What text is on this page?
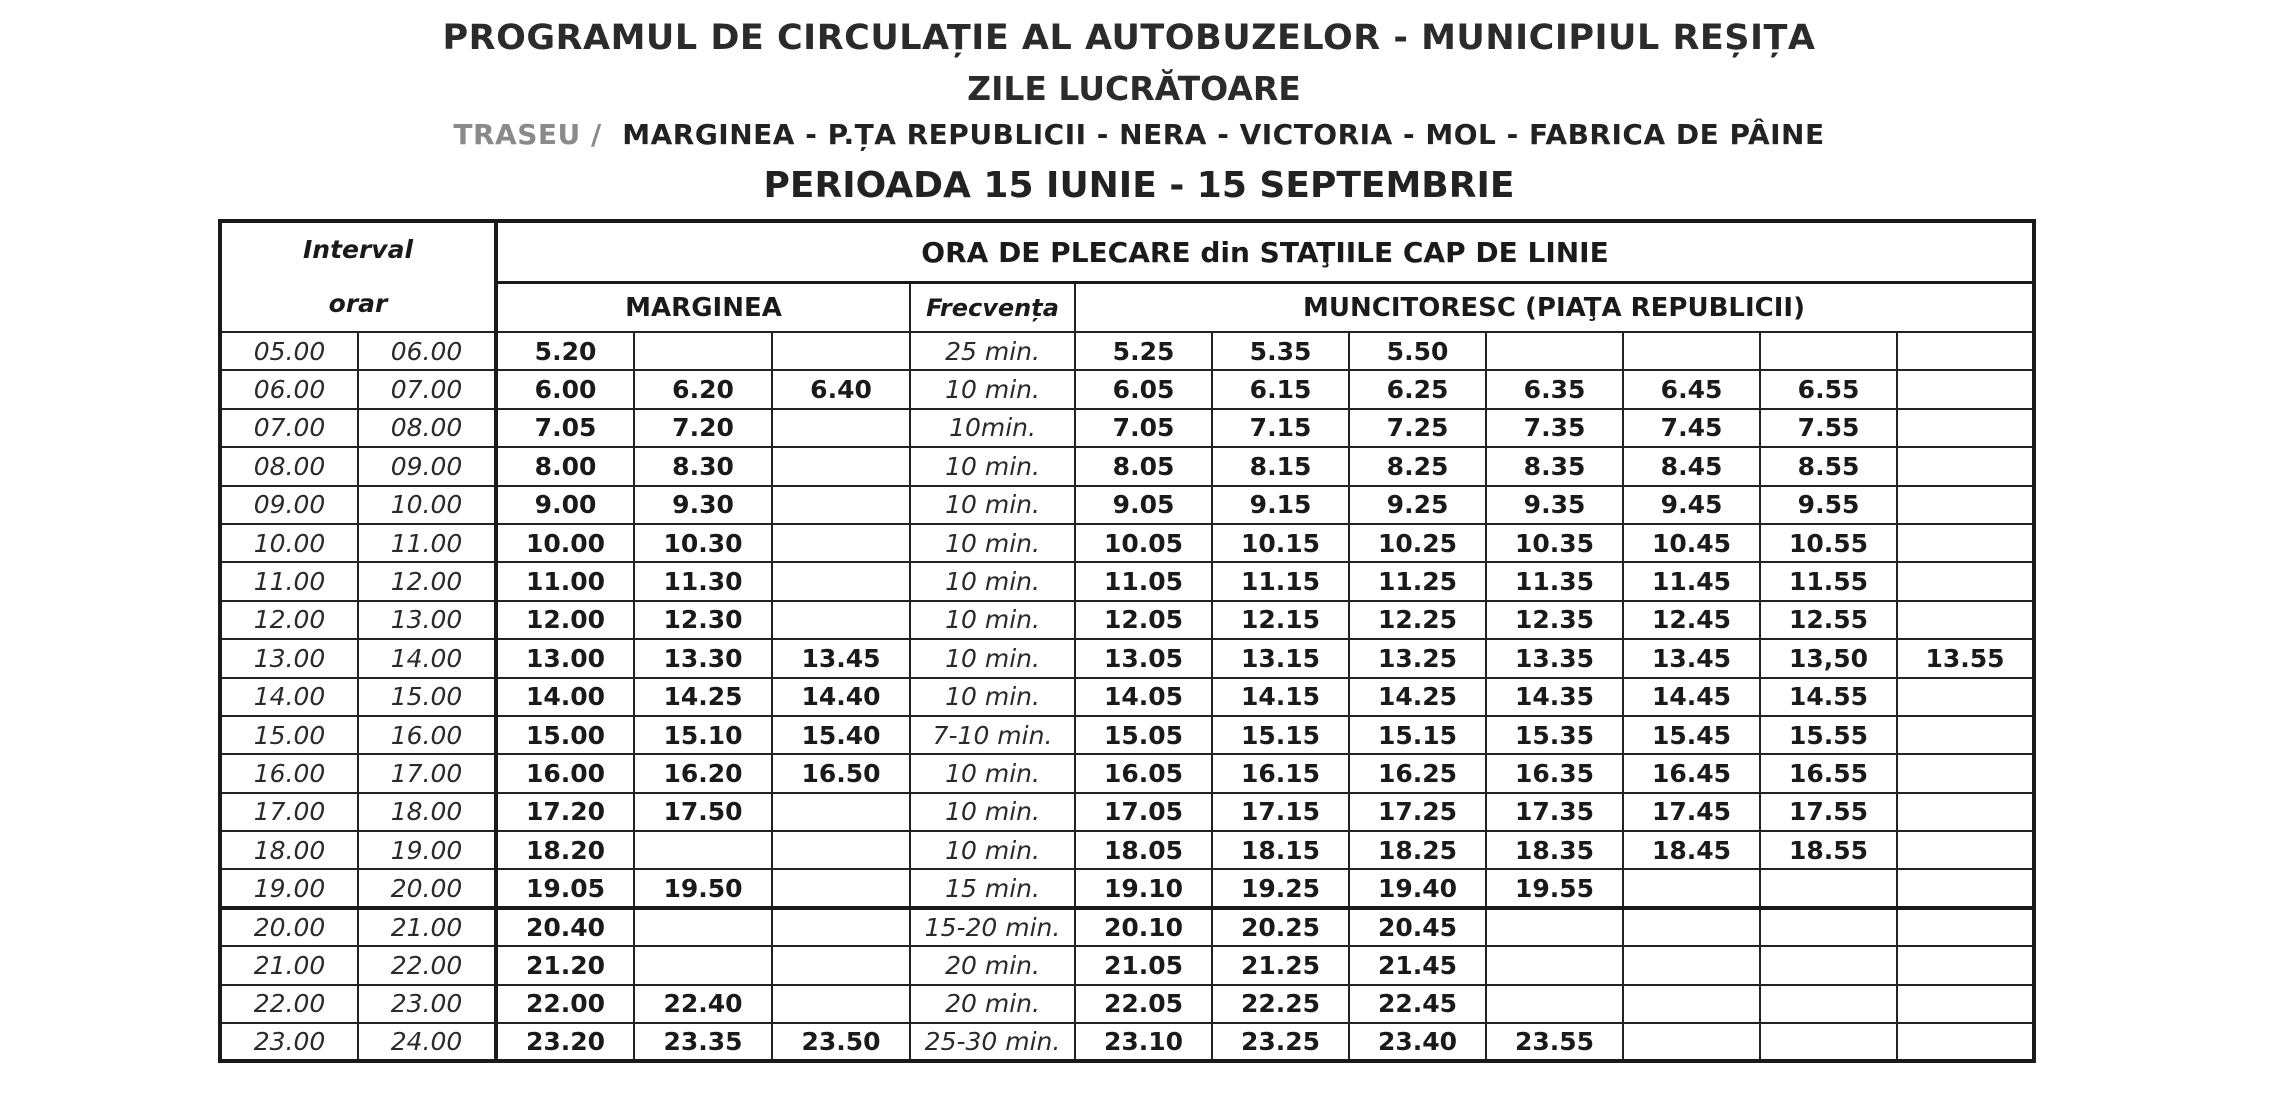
PROGRAMUL DE CIRCULAȚIE AL AUTOBUZELOR - MUNICIPIUL REȘIȚA
ZILE LUCRĂTOARE
TRASEU / MARGINEA - P.ȚA REPUBLICII - NERA - VICTORIA - MOL - FABRICA DE PÂINE
PERIOADA 15 IUNIE - 15 SEPTEMBRIE
Interval
orar		ORA DE PLECARE din STAŢIILE CAP DE LINIE										
		MARGINEA			Frecvența	MUNCITORESC (PIAŢA REPUBLICII)						
05.00	06.00	5.20			25 min.	5.25	5.35	5.50				
06.00	07.00	6.00	6.20	6.40	10 min.	6.05	6.15	6.25	6.35	6.45	6.55	
07.00	08.00	7.05	7.20		10min.	7.05	7.15	7.25	7.35	7.45	7.55	
08.00	09.00	8.00	8.30		10 min.	8.05	8.15	8.25	8.35	8.45	8.55	
09.00	10.00	9.00	9.30		10 min.	9.05	9.15	9.25	9.35	9.45	9.55	
10.00	11.00	10.00	10.30		10 min.	10.05	10.15	10.25	10.35	10.45	10.55	
11.00	12.00	11.00	11.30		10 min.	11.05	11.15	11.25	11.35	11.45	11.55	
12.00	13.00	12.00	12.30		10 min.	12.05	12.15	12.25	12.35	12.45	12.55	
13.00	14.00	13.00	13.30	13.45	10 min.	13.05	13.15	13.25	13.35	13.45	13,50	13.55
14.00	15.00	14.00	14.25	14.40	10 min.	14.05	14.15	14.25	14.35	14.45	14.55	
15.00	16.00	15.00	15.10	15.40	7-10 min.	15.05	15.15	15.15	15.35	15.45	15.55	
16.00	17.00	16.00	16.20	16.50	10 min.	16.05	16.15	16.25	16.35	16.45	16.55	
17.00	18.00	17.20	17.50		10 min.	17.05	17.15	17.25	17.35	17.45	17.55	
18.00	19.00	18.20			10 min.	18.05	18.15	18.25	18.35	18.45	18.55	
19.00	20.00	19.05	19.50		15 min.	19.10	19.25	19.40	19.55			
20.00	21.00	20.40			15-20 min.	20.10	20.25	20.45				
21.00	22.00	21.20			20 min.	21.05	21.25	21.45				
22.00	23.00	22.00	22.40		20 min.	22.05	22.25	22.45				
23.00	24.00	23.20	23.35	23.50	25-30 min.	23.10	23.25	23.40	23.55			
